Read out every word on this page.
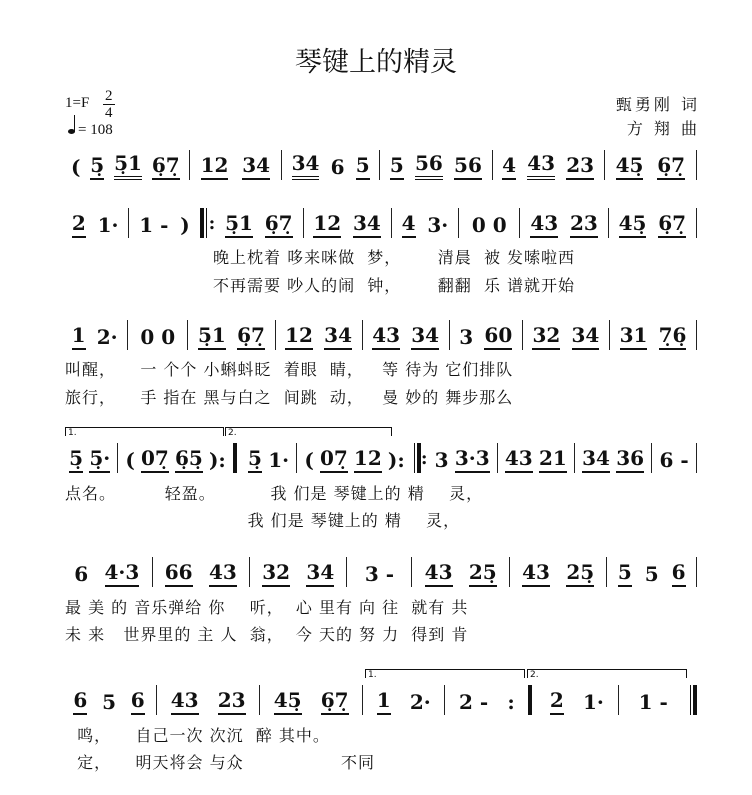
琴键上的精灵
1=F 2
4
= 108
甄勇刚 词
方 翔 曲
( 5̣ 5̣1 6̣7̣ 12 34 34 6 5 5 56 56 4 43 23 45̣ 6̣7̣
2 1· 1 - ) : 5̣1 6̣7̣ 12 34 4 3· 0 0 43 23 45̣ 6̣7̣
晚上枕着 哆来咪做  梦，      清晨  被 发嗦啦西
不再需要 吵人的闹  钟，      翻翻  乐 谱就开始
1 2· 0 0 5̣1 6̣7̣ 12 34 43 34 3 60 32 34 31 7̣6̣
叫醒，    一 个个 小蝌蚪眨  着眼  睛，   等 待为 它们排队
旅行，    手 指在 黑与白之  间跳  动，   曼 妙的 舞步那么
5̣ 5̣· ( 07̣ 6̣5̣ ): 5̣ 1· ( 07̣ 12 ): : 3 3·3 43 21 34 36 6 -
点名。        轻盈。         我 们是 琴键上的 精    灵，
我 们是 琴键上的 精    灵，
1.	2.
6 4·3 66 43 32 34 3 - 43 25̣ 43 25̣ 5 5 6
最 美 的 音乐弹给 你    听，  心 里有 向 往  就有 共
未 来   世界里的 主 人  翁，  今 天的 努 力  得到 肯
6 5 6 43 23 45̣ 6̣7̣ 1 2· 2 - : 2 1· 1 -
鸣，    自己一次 次沉  醉 其中。
定，    明天将会 与众                不同
1.	2.
